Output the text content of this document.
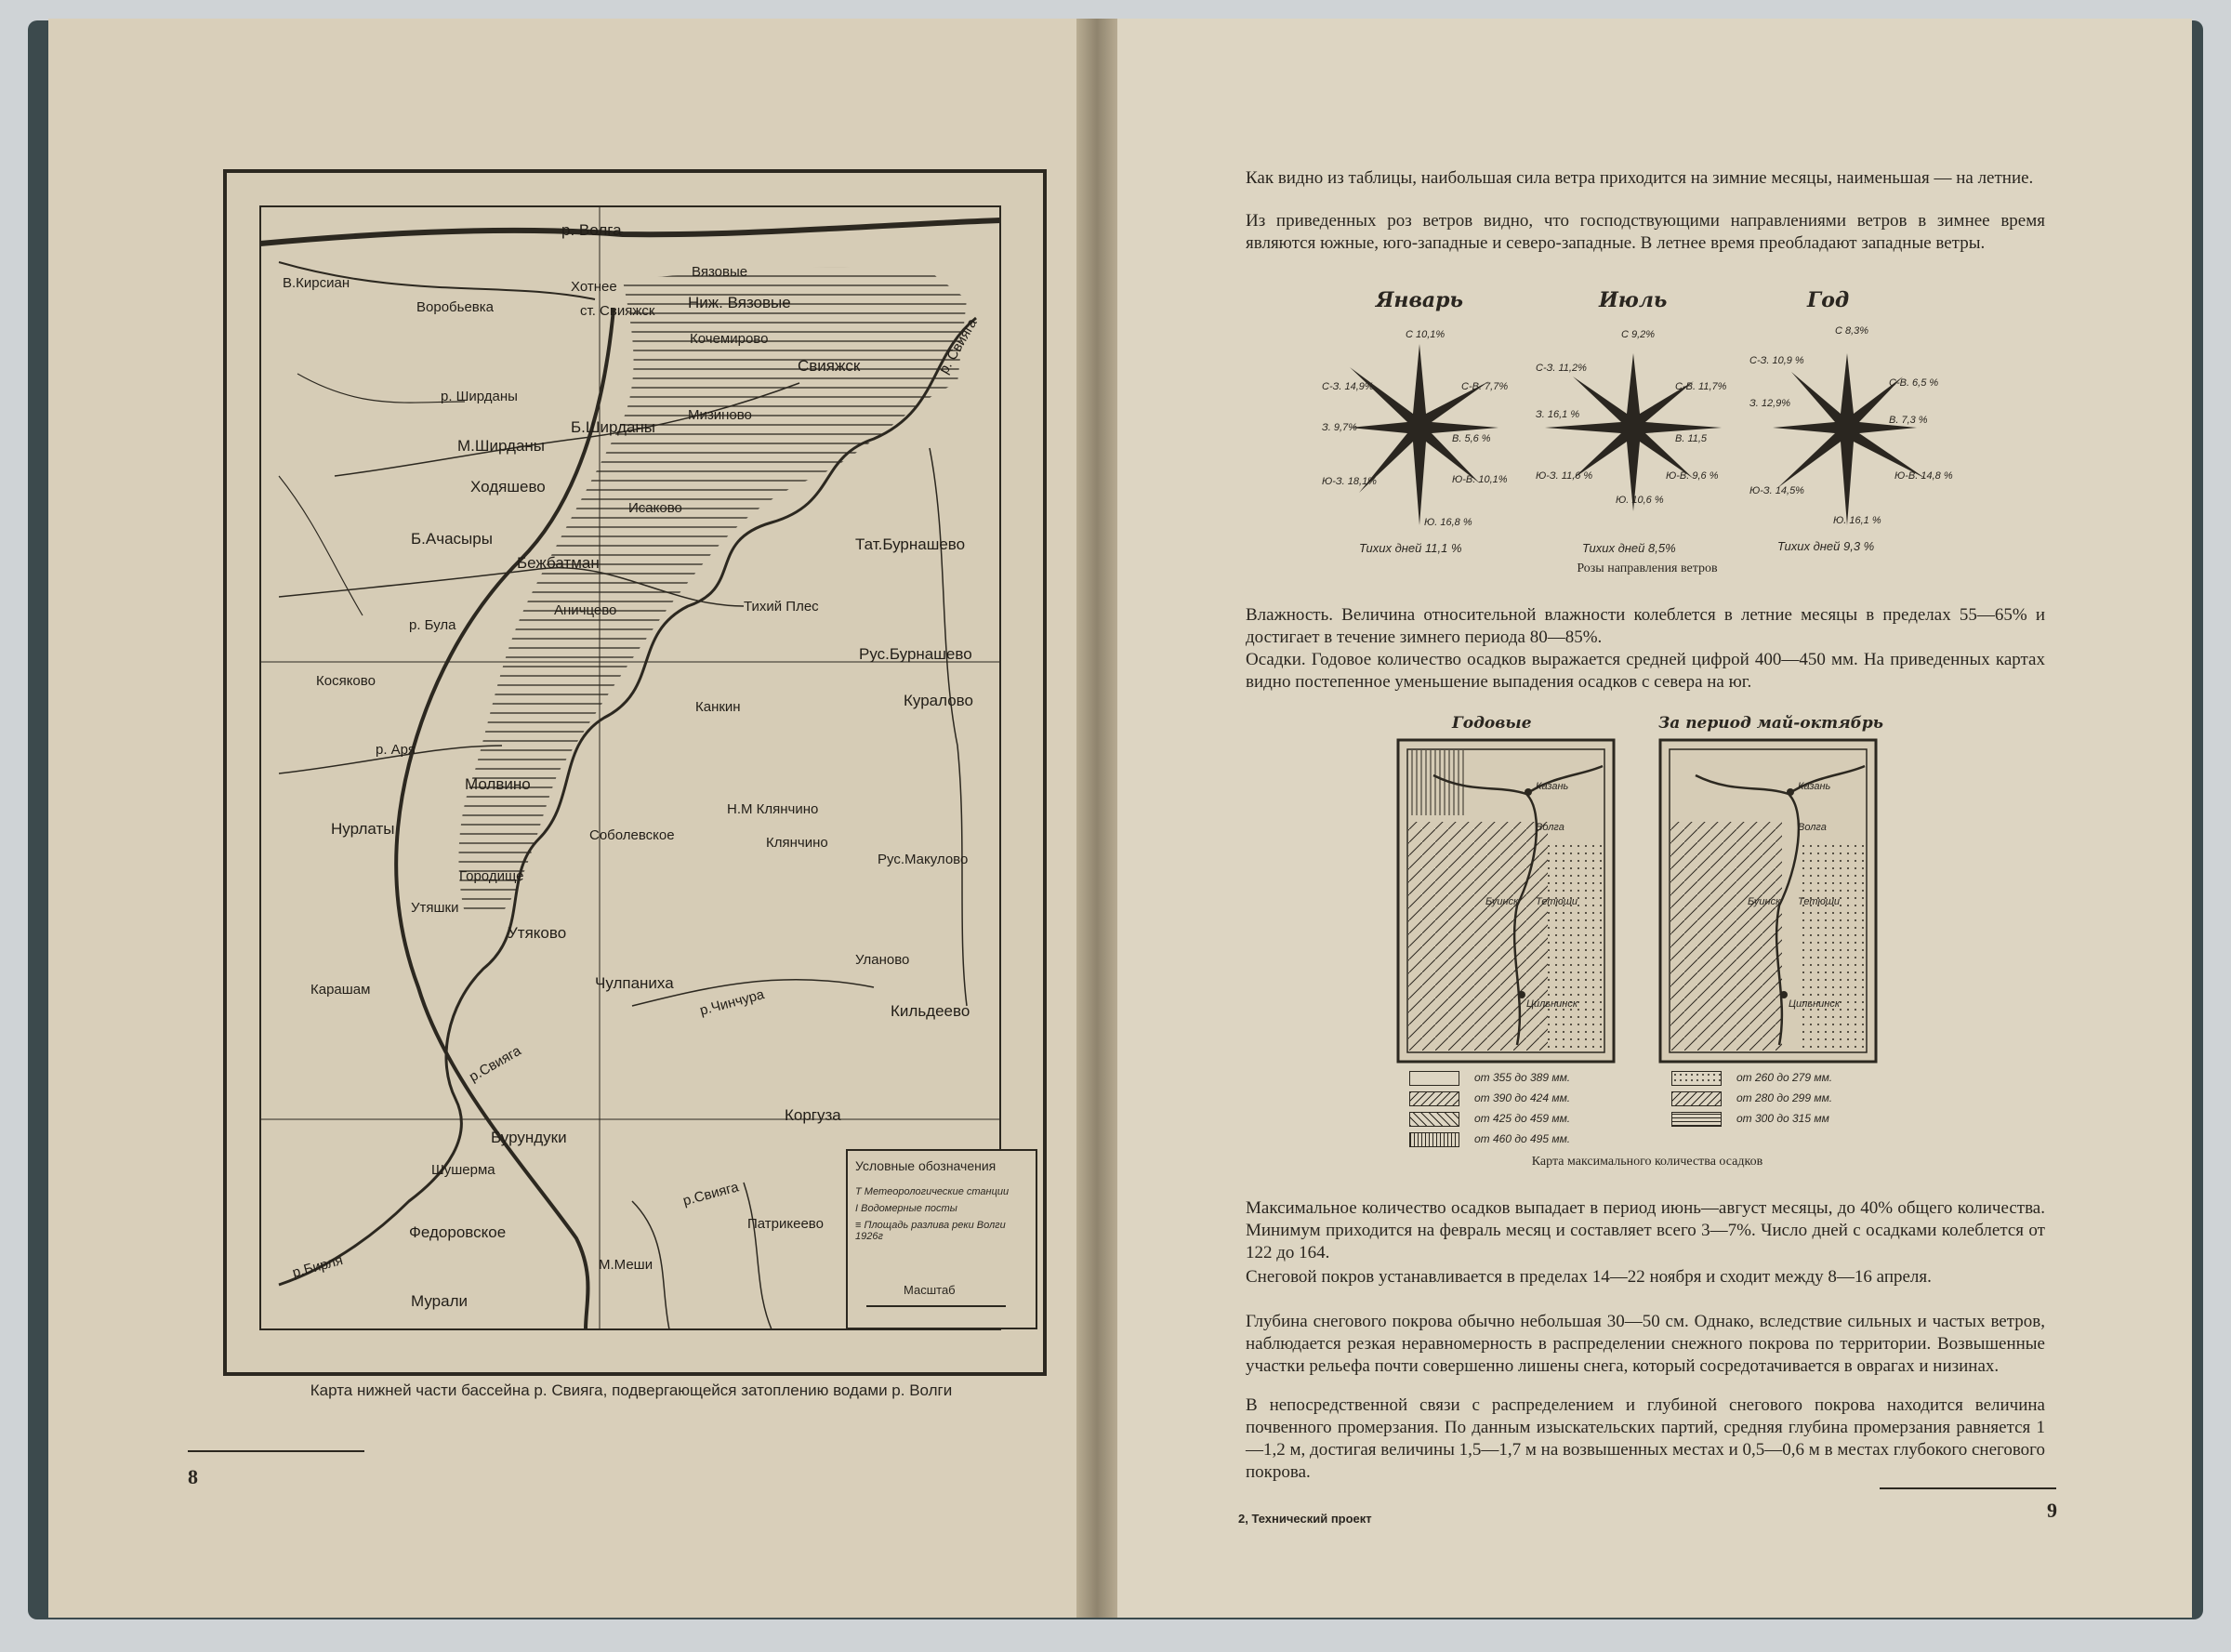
р. Волга
В.Кирсиан
Воробьевка
Хотнее
ст. Свияжск Ниж. Вязовые
Вязовые
Кочемирово
Свияжск	р. Свияга
р. Ширданы
Мизиново
Б.Ширданы
М.Ширданы
Ходяшево
Исаково
Б.Ачасыры
Бежбатман
Тат.Бурнашево
р. Була
Тихий Плес
Аничцево
Рус.Бурнашево
Косяково
Канкин	Куралово
р. Аря
Молвино
Нурлаты
Н.М Клянчино
Соболевское	Клянчино
Рус.Макулово
Городище
Утяшки
Утяково
Уланово
Карашам	Чулпаниха
р.Чинчура	Кильдеево
р.Свияга
Бурундуки
Коргуза
Шушерма
р.Свияга
Патрикеево
Федоровское
р.Бирля	М.Меши
Мурали
Условные обозначения
T Метеорологические станции
I Водомерные посты
≡ Площадь разлива реки Волги 1926г
Масштаб
Карта нижней части бассейна р. Свияга, подвергающейся затоплению водами р. Волги
8
Как видно из таблицы, наибольшая сила ветра приходится на зимние месяцы, наименьшая — на летние.
Из приведенных роз ветров видно, что господствующими направлениями ветров в зимнее время являются южные, юго-западные и северо-западные. В летнее время преобладают западные ветры.
Январь
С 10,1%
С-З. 14,9%	С-В. 7,7%
З. 9,7%
В. 5,6 %
Ю-З. 18,1%	Ю-В. 10,1%
Ю. 16,8 %
Тихих дней 11,1 %
Июль
С 9,2%
С-З. 11,2%
С-В. 11,7%
З. 16,1 %
В. 11,5
Ю-З. 11,6 %	Ю-В. 9,6 %
Ю. 10,6 %
Тихих дней 8,5%
Год
С 8,3%
С-З. 10,9 %
С-В. 6,5 %
З. 12,9%
В. 7,3 %
Ю-З. 14,5%
Ю-В. 14,8 %
Ю. 16,1 %
Тихих дней 9,3 %
Розы направления ветров
Влажность. Величина относительной влажности колеблется в летние месяцы в пределах 55—65% и достигает в течение зимнего периода 80—85%.
Осадки. Годовое количество осадков выражается средней цифрой 400—450 мм. На приведенных картах видно постепенное уменьшение выпадения осадков с севера на юг.
Годовые
Казань
Волга
Буинск Тетюши
Цильнинск
от 355 до 389 мм.
от 390 до 424 мм.
от 425 до 459 мм.
от 460 до 495 мм.
За период май-октябрь
Казань
Волга
Буинск Тетюши
Цильнинск
от 260 до 279 мм.
от 280 до 299 мм.
от 300 до 315 мм
Карта максимального количества осадков
Максимальное количество осадков выпадает в период июнь—август месяцы, до 40% общего количества. Минимум приходится на февраль месяц и составляет всего 3—7%. Число дней с осадками колеблется от 122 до 164.
Снеговой покров устанавливается в пределах 14—22 ноября и сходит между 8—16 апреля.
Глубина снегового покрова обычно небольшая 30—50 см. Однако, вследствие сильных и частых ветров, наблюдается резкая неравномерность в распределении снежного покрова по территории. Возвышенные участки рельефа почти совершенно лишены снега, который сосредотачивается в оврагах и низинах.
В непосредственной связи с распределением и глубиной снегового покрова находится величина почвенного промерзания. По данным изыскательских партий, средняя глубина промерзания равняется 1—1,2 м, достигая величины 1,5—1,7 м на возвышенных местах и 0,5—0,6 м в местах глубокого снегового покрова.
2, Технический проект	9
